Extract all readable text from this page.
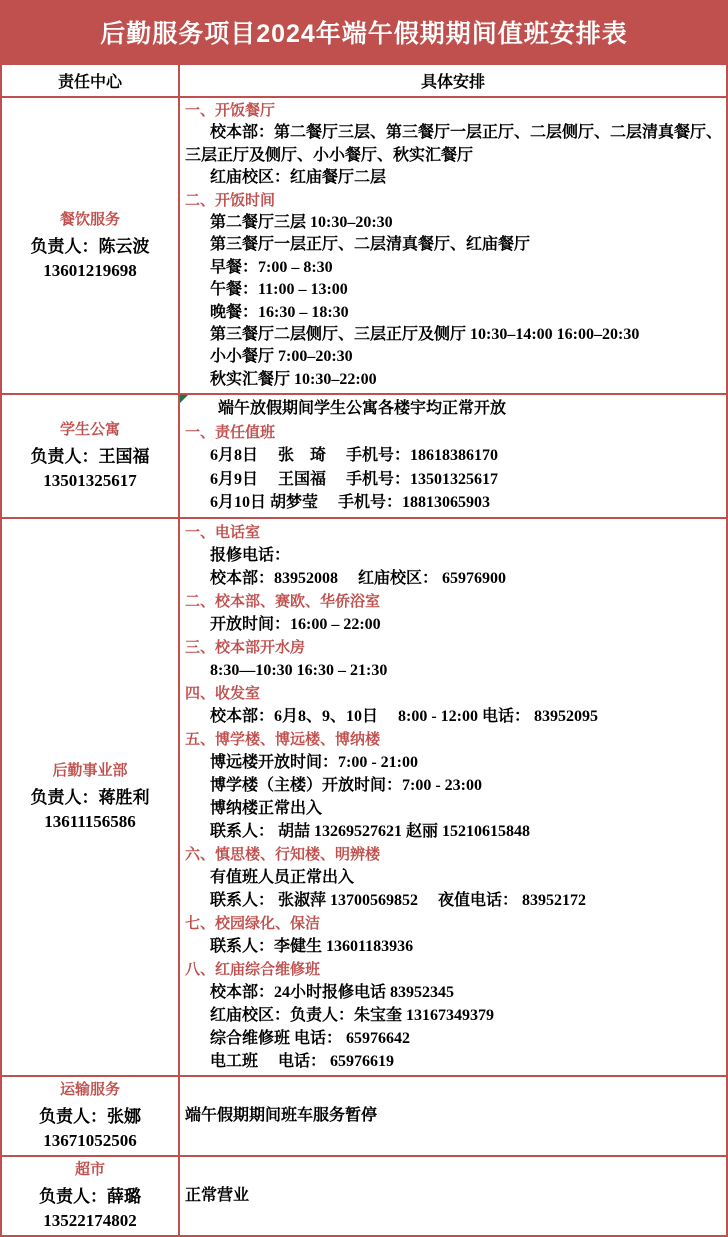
后勤服务项目2024年端午假期期间值班安排表
责任中心	具体安排

餐饮服务
负责人：陈云波
13601219698

一、开饭餐厅
校本部：第二餐厅三层、第三餐厅一层正厅、二层侧厅、二层清真餐厅、
三层正厅及侧厅、小小餐厅、秋实汇餐厅
红庙校区：红庙餐厅二层
二、开饭时间
第二餐厅三层 10:30–20:30
第三餐厅一层正厅、二层清真餐厅、红庙餐厅
早餐：7:00 – 8:30
午餐：11:00 – 13:00
晚餐：16:30 – 18:30
第三餐厅二层侧厅、三层正厅及侧厅 10:30–14:00 16:00–20:30
小小餐厅 7:00–20:30
秋实汇餐厅 10:30–22:00

学生公寓
负责人：王国福
13501325617

端午放假期间学生公寓各楼宇均正常开放
一、责任值班
6月8日　 张　琦　 手机号：18618386170
6月9日　 王国福　 手机号：13501325617
6月10日 胡梦莹　 手机号：18813065903

后勤事业部
负责人：蒋胜利
13611156586

一、电话室
报修电话：
校本部：83952008　 红庙校区： 65976900
二、校本部、赛欧、华侨浴室
开放时间：16:00 – 22:00
三、校本部开水房
8:30—10:30 16:30 – 21:30
四、收发室
校本部：6月8、9、10日　 8:00 - 12:00 电话： 83952095
五、博学楼、博远楼、博纳楼
博远楼开放时间：7:00 - 21:00
博学楼（主楼）开放时间：7:00 - 23:00
博纳楼正常出入
联系人： 胡喆 13269527621 赵丽 15210615848
六、慎思楼、行知楼、明辨楼
有值班人员正常出入
联系人： 张淑萍 13700569852　 夜值电话： 83952172
七、校园绿化、保洁
联系人：李健生 13601183936
八、红庙综合维修班
校本部：24小时报修电话 83952345
红庙校区：负责人：朱宝奎 13167349379
综合维修班 电话： 65976642
电工班　 电话： 65976619

运输服务
负责人：张娜
13671052506	端午假期期间班车服务暂停

超市
负责人：薛璐
13522174802	正常营业
